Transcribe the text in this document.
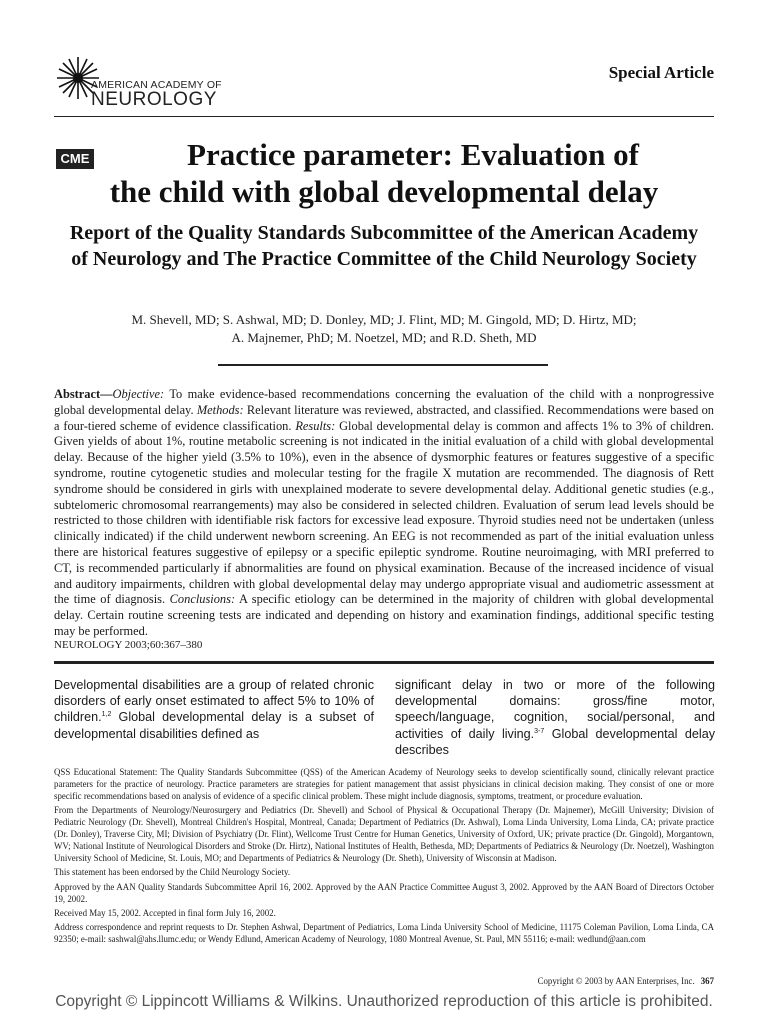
AMERICAN ACADEMY OF
NEUROLOGY
Special Article
CME	Practice parameter: Evaluation of
the child with global developmental delay
Report of the Quality Standards Subcommittee of the American Academy of Neurology and The Practice Committee of the Child Neurology Society
M. Shevell, MD; S. Ashwal, MD; D. Donley, MD; J. Flint, MD; M. Gingold, MD; D. Hirtz, MD;
A. Majnemer, PhD; M. Noetzel, MD; and R.D. Sheth, MD
Abstract—Objective: To make evidence-based recommendations concerning the evaluation of the child with a nonprogressive global developmental delay. Methods: Relevant literature was reviewed, abstracted, and classified. Recommendations were based on a four-tiered scheme of evidence classification. Results: Global developmental delay is common and affects 1% to 3% of children. Given yields of about 1%, routine metabolic screening is not indicated in the initial evaluation of a child with global developmental delay. Because of the higher yield (3.5% to 10%), even in the absence of dysmorphic features or features suggestive of a specific syndrome, routine cytogenetic studies and molecular testing for the fragile X mutation are recommended. The diagnosis of Rett syndrome should be considered in girls with unexplained moderate to severe developmental delay. Additional genetic studies (e.g., subtelomeric chromosomal rearrangements) may also be considered in selected children. Evaluation of serum lead levels should be restricted to those children with identifiable risk factors for excessive lead exposure. Thyroid studies need not be undertaken (unless clinically indicated) if the child underwent newborn screening. An EEG is not recommended as part of the initial evaluation unless there are historical features suggestive of epilepsy or a specific epileptic syndrome. Routine neuroimaging, with MRI preferred to CT, is recommended particularly if abnormalities are found on physical examination. Because of the increased incidence of visual and auditory impairments, children with global developmental delay may undergo appropriate visual and audiometric assessment at the time of diagnosis. Conclusions: A specific etiology can be determined in the majority of children with global developmental delay. Certain routine screening tests are indicated and depending on history and examination findings, additional specific testing may be performed.
NEUROLOGY 2003;60:367–380
Developmental disabilities are a group of related chronic disorders of early onset estimated to affect 5% to 10% of children.$^{1,2}$ Global developmental delay is a subset of developmental disabilities defined as
significant delay in two or more of the following developmental domains: gross/fine motor, speech/language, cognition, social/personal, and activities of daily living.$^{3-7}$ Global developmental delay describes

QSS Educational Statement: The Quality Standards Subcommittee (QSS) of the American Academy of Neurology seeks to develop scientifically sound, clinically relevant practice parameters for the practice of neurology. Practice parameters are strategies for patient management that assist physicians in clinical decision making. They consist of one or more specific recommendations based on analysis of evidence of a specific clinical problem. These might include diagnosis, symptoms, treatment, or procedure evaluation.

From the Departments of Neurology/Neurosurgery and Pediatrics (Dr. Shevell) and School of Physical & Occupational Therapy (Dr. Majnemer), McGill University; Division of Pediatric Neurology (Dr. Shevell), Montreal Children's Hospital, Montreal, Canada; Department of Pediatrics (Dr. Ashwal), Loma Linda University, Loma Linda, CA; private practice (Dr. Donley), Traverse City, MI; Division of Psychiatry (Dr. Flint), Wellcome Trust Centre for Human Genetics, University of Oxford, UK; private practice (Dr. Gingold), Morgantown, WV; National Institute of Neurological Disorders and Stroke (Dr. Hirtz), National Institutes of Health, Bethesda, MD; Departments of Pediatrics & Neurology (Dr. Noetzel), Washington University School of Medicine, St. Louis, MO; and Departments of Pediatrics & Neurology (Dr. Sheth), University of Wisconsin at Madison.

This statement has been endorsed by the Child Neurology Society.

Approved by the AAN Quality Standards Subcommittee April 16, 2002. Approved by the AAN Practice Committee August 3, 2002. Approved by the AAN Board of Directors October 19, 2002.

Received May 15, 2002. Accepted in final form July 16, 2002.

Address correspondence and reprint requests to Dr. Stephen Ashwal, Department of Pediatrics, Loma Linda University School of Medicine, 11175 Coleman Pavilion, Loma Linda, CA 92350; e-mail: sashwal@ahs.llumc.edu; or Wendy Edlund, American Academy of Neurology, 1080 Montreal Avenue, St. Paul, MN 55116; e-mail: wedlund@aan.com

Copyright © 2003 by AAN Enterprises, Inc. 367
Copyright © Lippincott Williams & Wilkins. Unauthorized reproduction of this article is prohibited.
